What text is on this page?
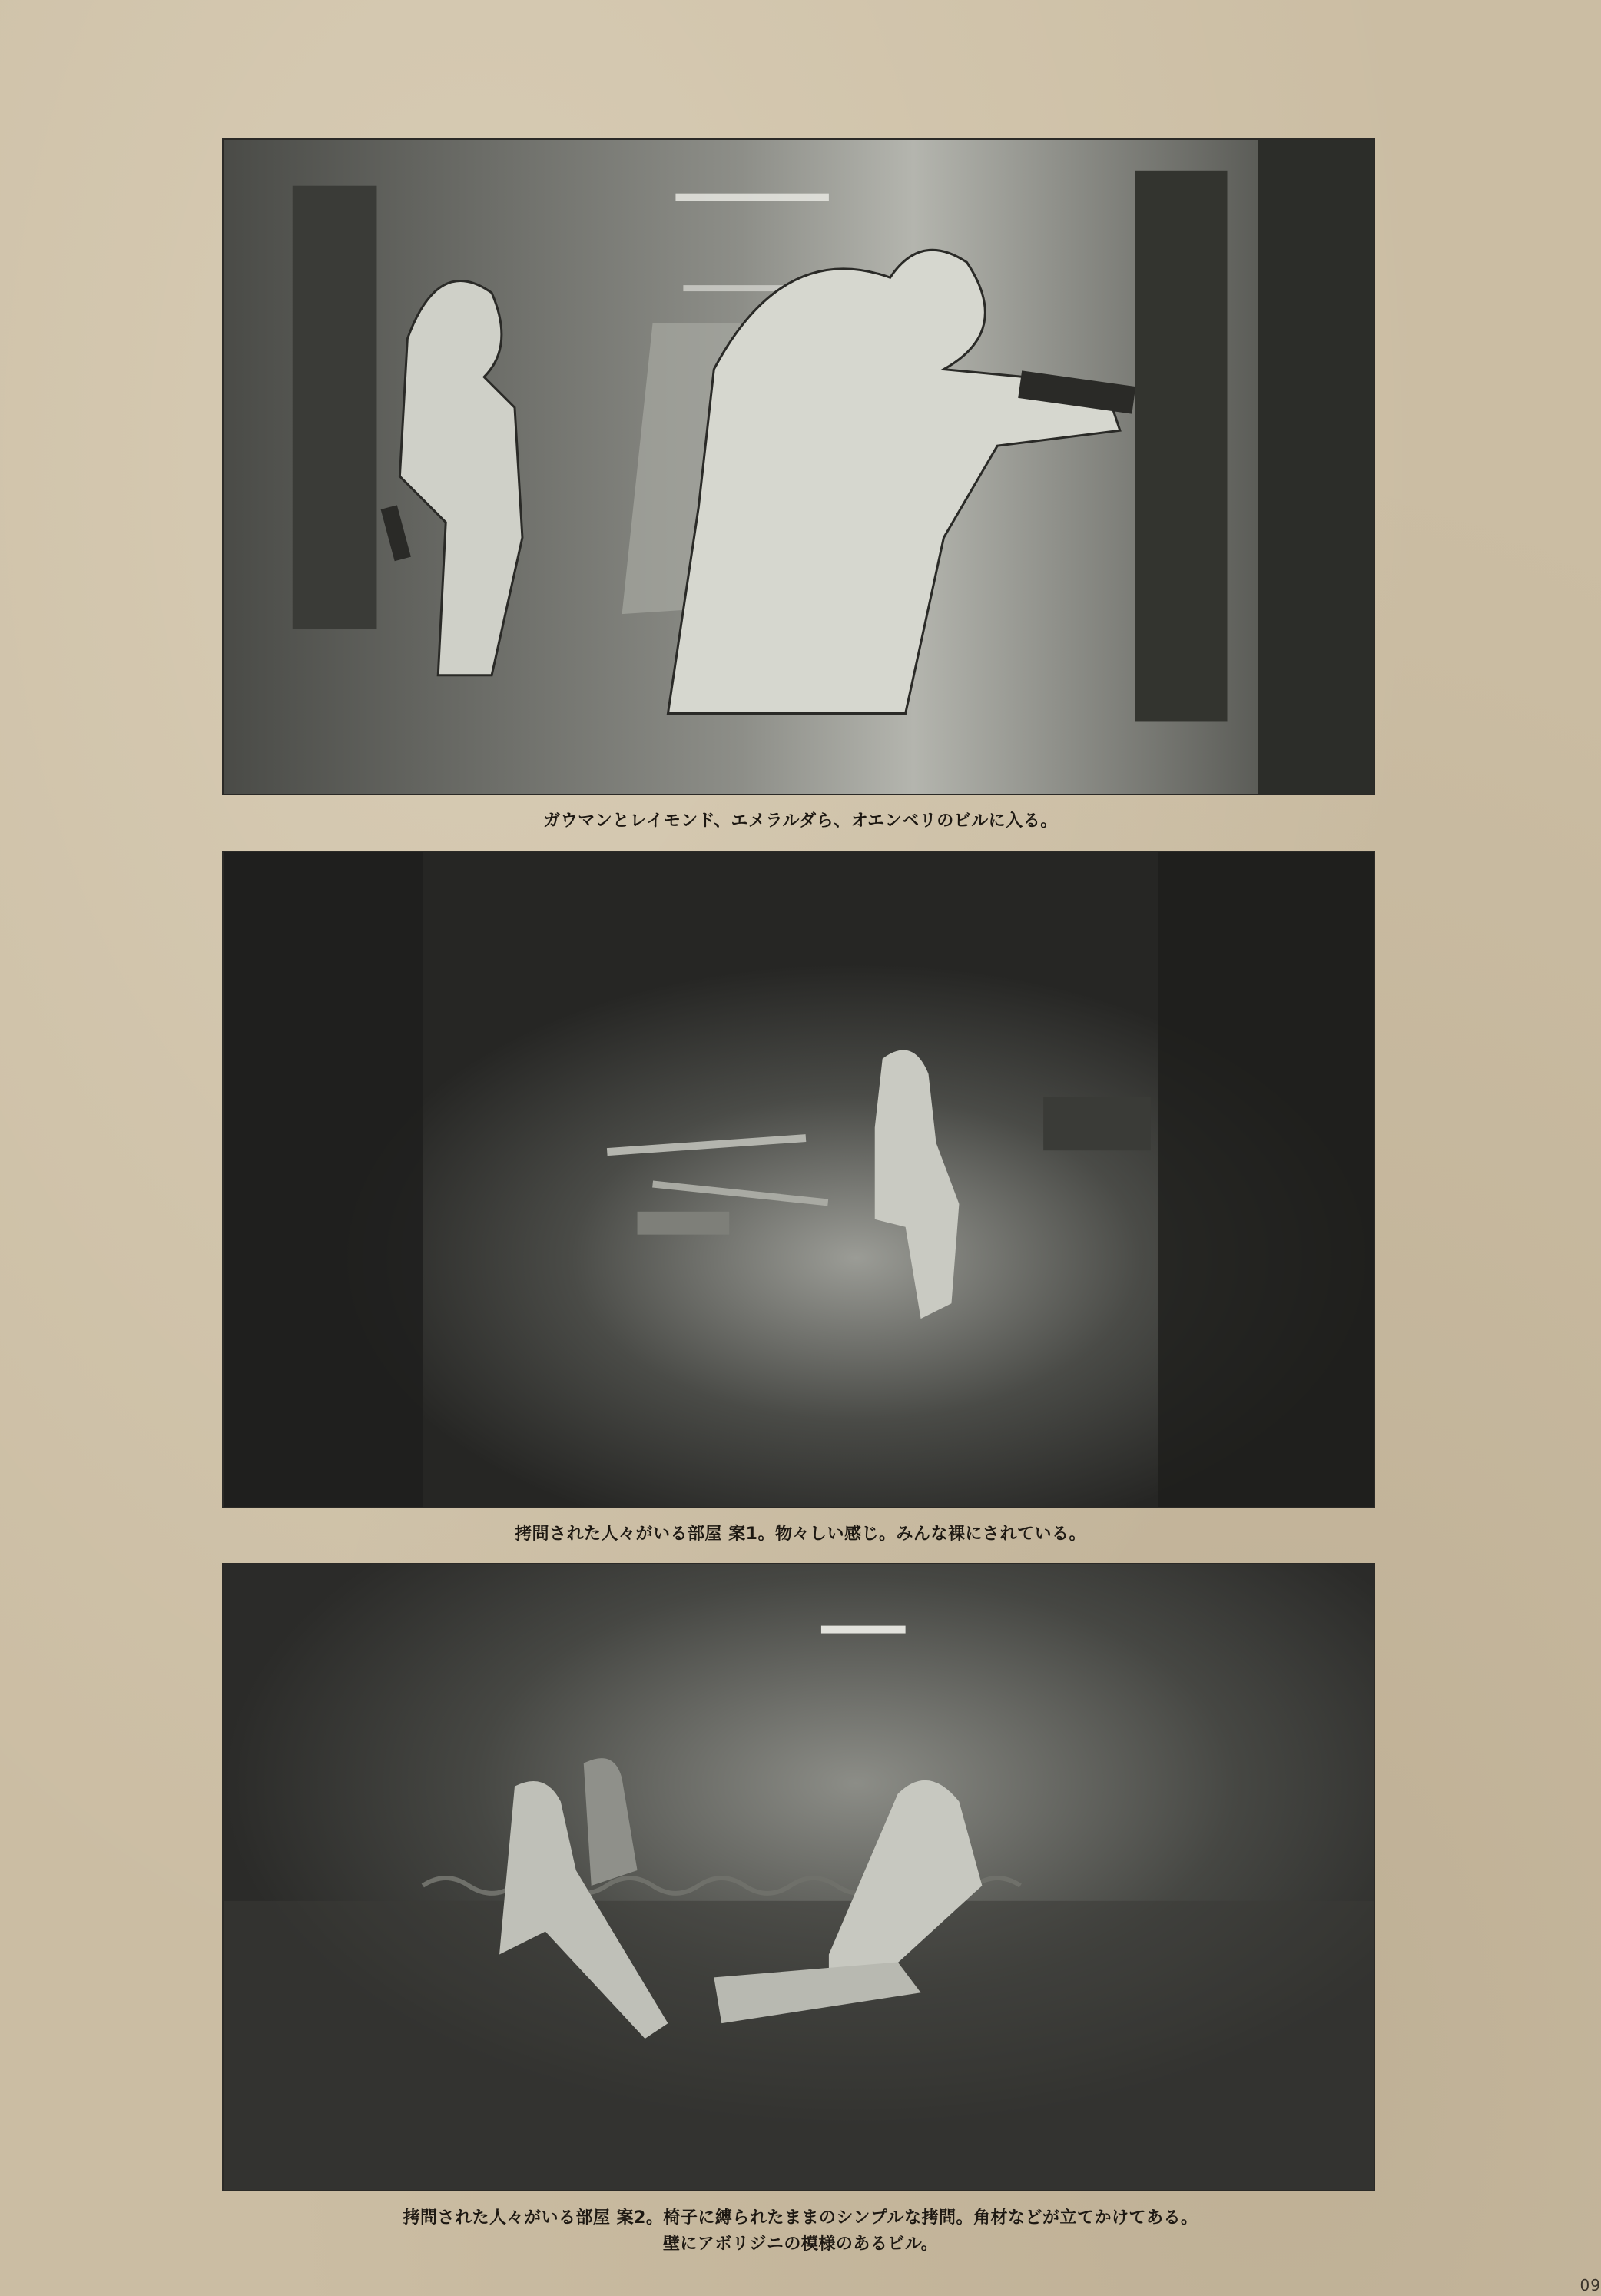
ガウマンとレイモンド、エメラルダら、オエンベリのビルに入る。
拷問された人々がいる部屋 案1。物々しい感じ。みんな裸にされている。
拷問された人々がいる部屋 案2。椅子に縛られたままのシンプルな拷問。角材などが立てかけてある。
壁にアボリジニの模様のあるビル。
09
